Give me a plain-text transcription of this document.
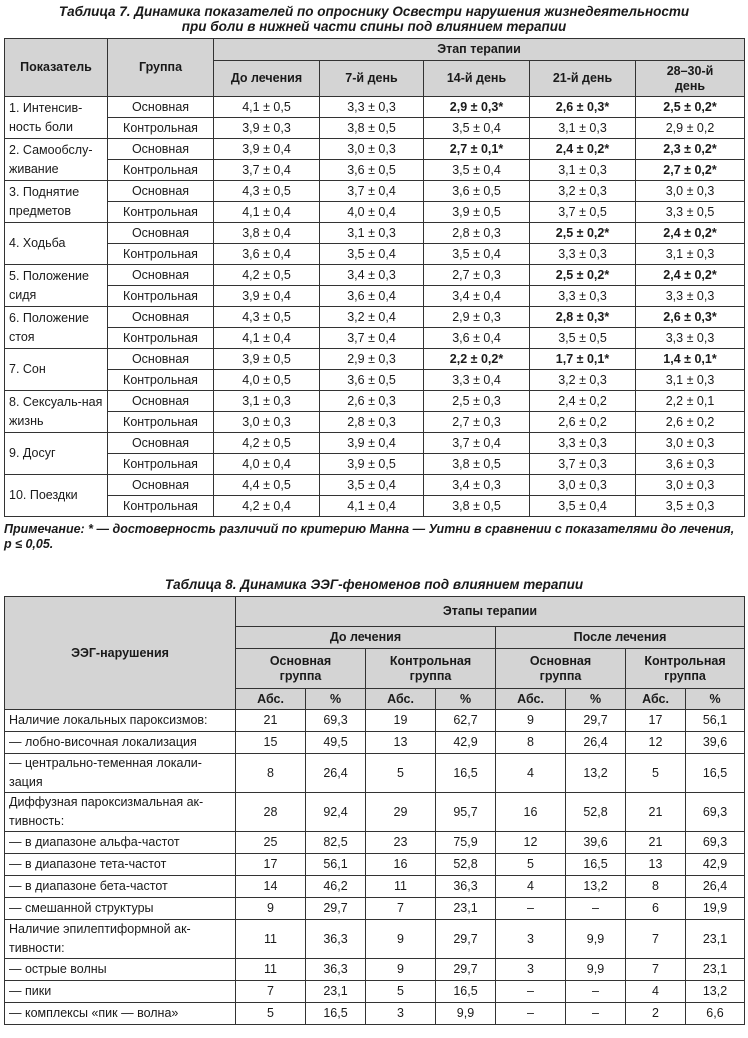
Таблица 7. Динамика показателей по опроснику Освестри нарушения жизнедеятельности
при боли в нижней части спины под влиянием терапии
Показатель	Группа	Этап терапии				
		До лечения	7-й день	14-й день	21-й день	28–30-й день
1. Интенсив-ность боли	Основная	4,1 ± 0,5	3,3 ± 0,3	2,9 ± 0,3*	2,6 ± 0,3*	2,5 ± 0,2*
	Контрольная	3,9 ± 0,3	3,8 ± 0,5	3,5 ± 0,4	3,1 ± 0,3	2,9 ± 0,2
2. Самообслу-живание	Основная	3,9 ± 0,4	3,0 ± 0,3	2,7 ± 0,1*	2,4 ± 0,2*	2,3 ± 0,2*
	Контрольная	3,7 ± 0,4	3,6 ± 0,5	3,5 ± 0,4	3,1 ± 0,3	2,7 ± 0,2*
3. Поднятие предметов	Основная	4,3 ± 0,5	3,7 ± 0,4	3,6 ± 0,5	3,2 ± 0,3	3,0 ± 0,3
	Контрольная	4,1 ± 0,4	4,0 ± 0,4	3,9 ± 0,5	3,7 ± 0,5	3,3 ± 0,5
4. Ходьба	Основная	3,8 ± 0,4	3,1 ± 0,3	2,8 ± 0,3	2,5 ± 0,2*	2,4 ± 0,2*
	Контрольная	3,6 ± 0,4	3,5 ± 0,4	3,5 ± 0,4	3,3 ± 0,3	3,1 ± 0,3
5. Положение сидя	Основная	4,2 ± 0,5	3,4 ± 0,3	2,7 ± 0,3	2,5 ± 0,2*	2,4 ± 0,2*
	Контрольная	3,9 ± 0,4	3,6 ± 0,4	3,4 ± 0,4	3,3 ± 0,3	3,3 ± 0,3
6. Положение стоя	Основная	4,3 ± 0,5	3,2 ± 0,4	2,9 ± 0,3	2,8 ± 0,3*	2,6 ± 0,3*
	Контрольная	4,1 ± 0,4	3,7 ± 0,4	3,6 ± 0,4	3,5 ± 0,5	3,3 ± 0,3
7. Сон	Основная	3,9 ± 0,5	2,9 ± 0,3	2,2 ± 0,2*	1,7 ± 0,1*	1,4 ± 0,1*
	Контрольная	4,0 ± 0,5	3,6 ± 0,5	3,3 ± 0,4	3,2 ± 0,3	3,1 ± 0,3
8. Сексуаль-ная жизнь	Основная	3,1 ± 0,3	2,6 ± 0,3	2,5 ± 0,3	2,4 ± 0,2	2,2 ± 0,1
	Контрольная	3,0 ± 0,3	2,8 ± 0,3	2,7 ± 0,3	2,6 ± 0,2	2,6 ± 0,2
9. Досуг	Основная	4,2 ± 0,5	3,9 ± 0,4	3,7 ± 0,4	3,3 ± 0,3	3,0 ± 0,3
	Контрольная	4,0 ± 0,4	3,9 ± 0,5	3,8 ± 0,5	3,7 ± 0,3	3,6 ± 0,3
10. Поездки	Основная	4,4 ± 0,5	3,5 ± 0,4	3,4 ± 0,3	3,0 ± 0,3	3,0 ± 0,3
	Контрольная	4,2 ± 0,4	4,1 ± 0,4	3,8 ± 0,5	3,5 ± 0,4	3,5 ± 0,3
Примечание: * — достоверность различий по критерию Манна — Уитни в сравнении с показателями до лечения, p ≤ 0,05.
Таблица 8. Динамика ЭЭГ-феноменов под влиянием терапии
ЭЭГ-нарушения	Этапы терапии							
	До лечения				После лечения			
	Основная группа		Контрольная группа		Основная группа		Контрольная группа	
	Абс.	%	Абс.	%	Абс.	%	Абс.	%
Наличие локальных пароксизмов:	21	69,3	19	62,7	9	29,7	17	56,1
— лобно-височная локализация	15	49,5	13	42,9	8	26,4	12	39,6
— центрально-теменная локали-зация	8	26,4	5	16,5	4	13,2	5	16,5
Диффузная пароксизмальная ак-тивность:	28	92,4	29	95,7	16	52,8	21	69,3
— в диапазоне альфа-частот	25	82,5	23	75,9	12	39,6	21	69,3
— в диапазоне тета-частот	17	56,1	16	52,8	5	16,5	13	42,9
— в диапазоне бета-частот	14	46,2	11	36,3	4	13,2	8	26,4
— смешанной структуры	9	29,7	7	23,1	–	–	6	19,9
Наличие эпилептиформной ак-тивности:	11	36,3	9	29,7	3	9,9	7	23,1
— острые волны	11	36,3	9	29,7	3	9,9	7	23,1
— пики	7	23,1	5	16,5	–	–	4	13,2
— комплексы «пик — волна»	5	16,5	3	9,9	–	–	2	6,6
